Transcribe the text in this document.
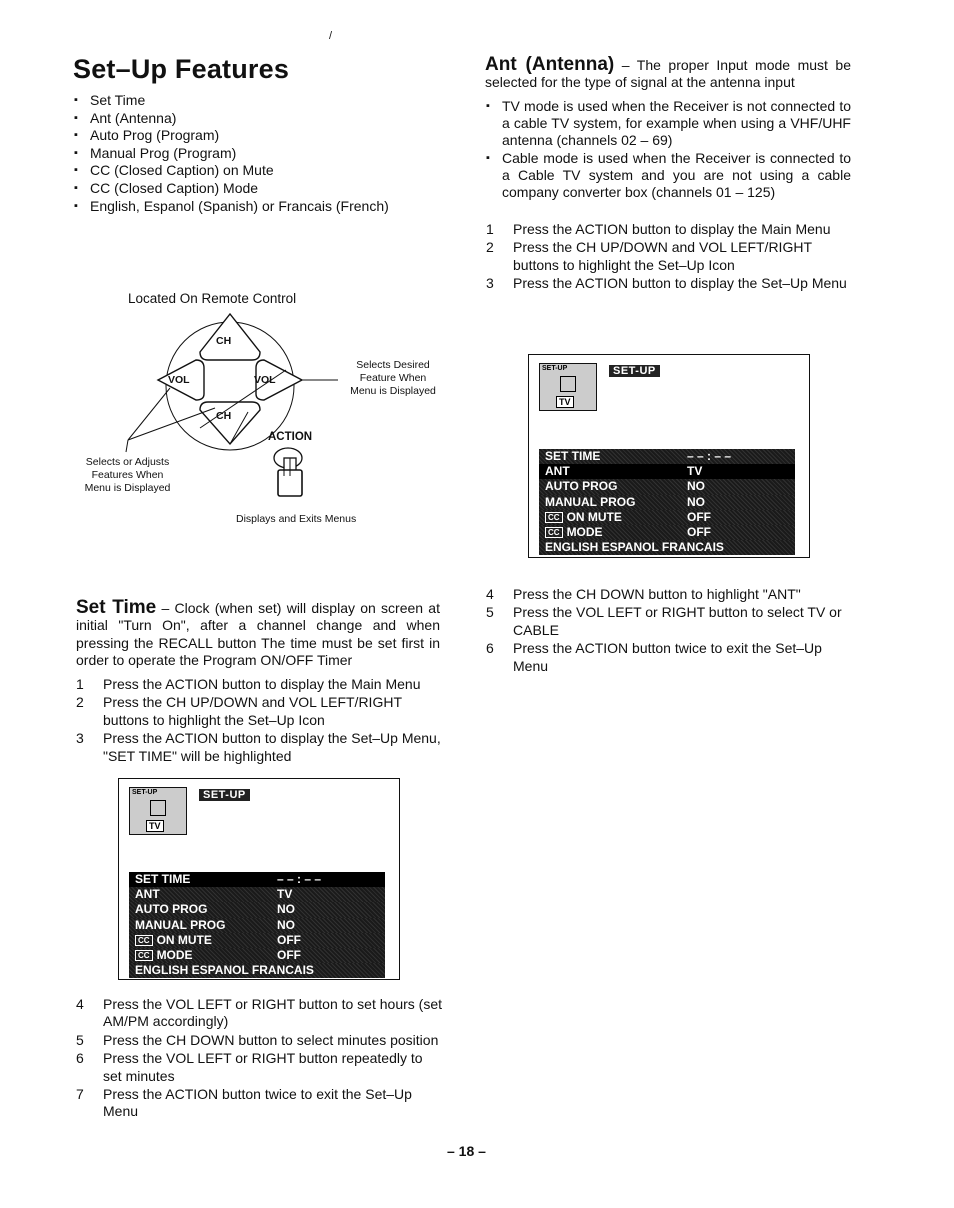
/
Set–Up Features
▪ Set Time
▪ Ant (Antenna)
▪ Auto Prog (Program)
▪ Manual Prog (Program)
▪ CC (Closed Caption) on Mute
▪ CC (Closed Caption) Mode
▪ English, Espanol (Spanish) or Francais (French)
Located On Remote Control
CH
CH
VOL	VOL
ACTION
Selects Desired
Feature When
Menu is Displayed
Selects or Adjusts
Features When
Menu is Displayed
Displays and Exits Menus
Set Time – Clock (when set) will display on screen at initial "Turn On", after a channel change and when pressing the RECALL button The time must be set first in order to operate the Program ON/OFF Timer
1 Press the ACTION button to display the Main Menu
2 Press the CH UP/DOWN and VOL LEFT/RIGHT buttons to highlight the Set–Up Icon
3 Press the ACTION button to display the Set–Up Menu, "SET TIME" will be highlighted
SET-UP
TV
SET-UP
SET TIME	– – : – –
ANT	TV
AUTO PROG	NO
MANUAL PROG	NO
CC ON MUTE	OFF
CC MODE	OFF
ENGLISH ESPANOL FRANCAIS
4 Press the VOL LEFT or RIGHT button to set hours (set AM/PM accordingly)
5 Press the CH DOWN button to select minutes position
6 Press the VOL LEFT or RIGHT button repeatedly to set minutes
7 Press the ACTION button twice to exit the Set–Up Menu
Ant (Antenna) – The proper Input mode must be selected for the type of signal at the antenna input
▪ TV mode is used when the Receiver is not connected to a cable TV system, for example when using a VHF/UHF antenna (channels 02 – 69)
▪ Cable mode is used when the Receiver is connected to a Cable TV system and you are not using a cable company converter box (channels 01 – 125)
1 Press the ACTION button to display the Main Menu
2 Press the CH UP/DOWN and VOL LEFT/RIGHT buttons to highlight the Set–Up Icon
3 Press the ACTION button to display the Set–Up Menu
SET-UP
TV
SET-UP
SET TIME	– – : – –
ANT	TV
AUTO PROG	NO
MANUAL PROG	NO
CC ON MUTE	OFF
CC MODE	OFF
ENGLISH ESPANOL FRANCAIS
4 Press the CH DOWN button to highlight "ANT"
5 Press the VOL LEFT or RIGHT button to select TV or CABLE
6 Press the ACTION button twice to exit the Set–Up Menu
– 18 –
